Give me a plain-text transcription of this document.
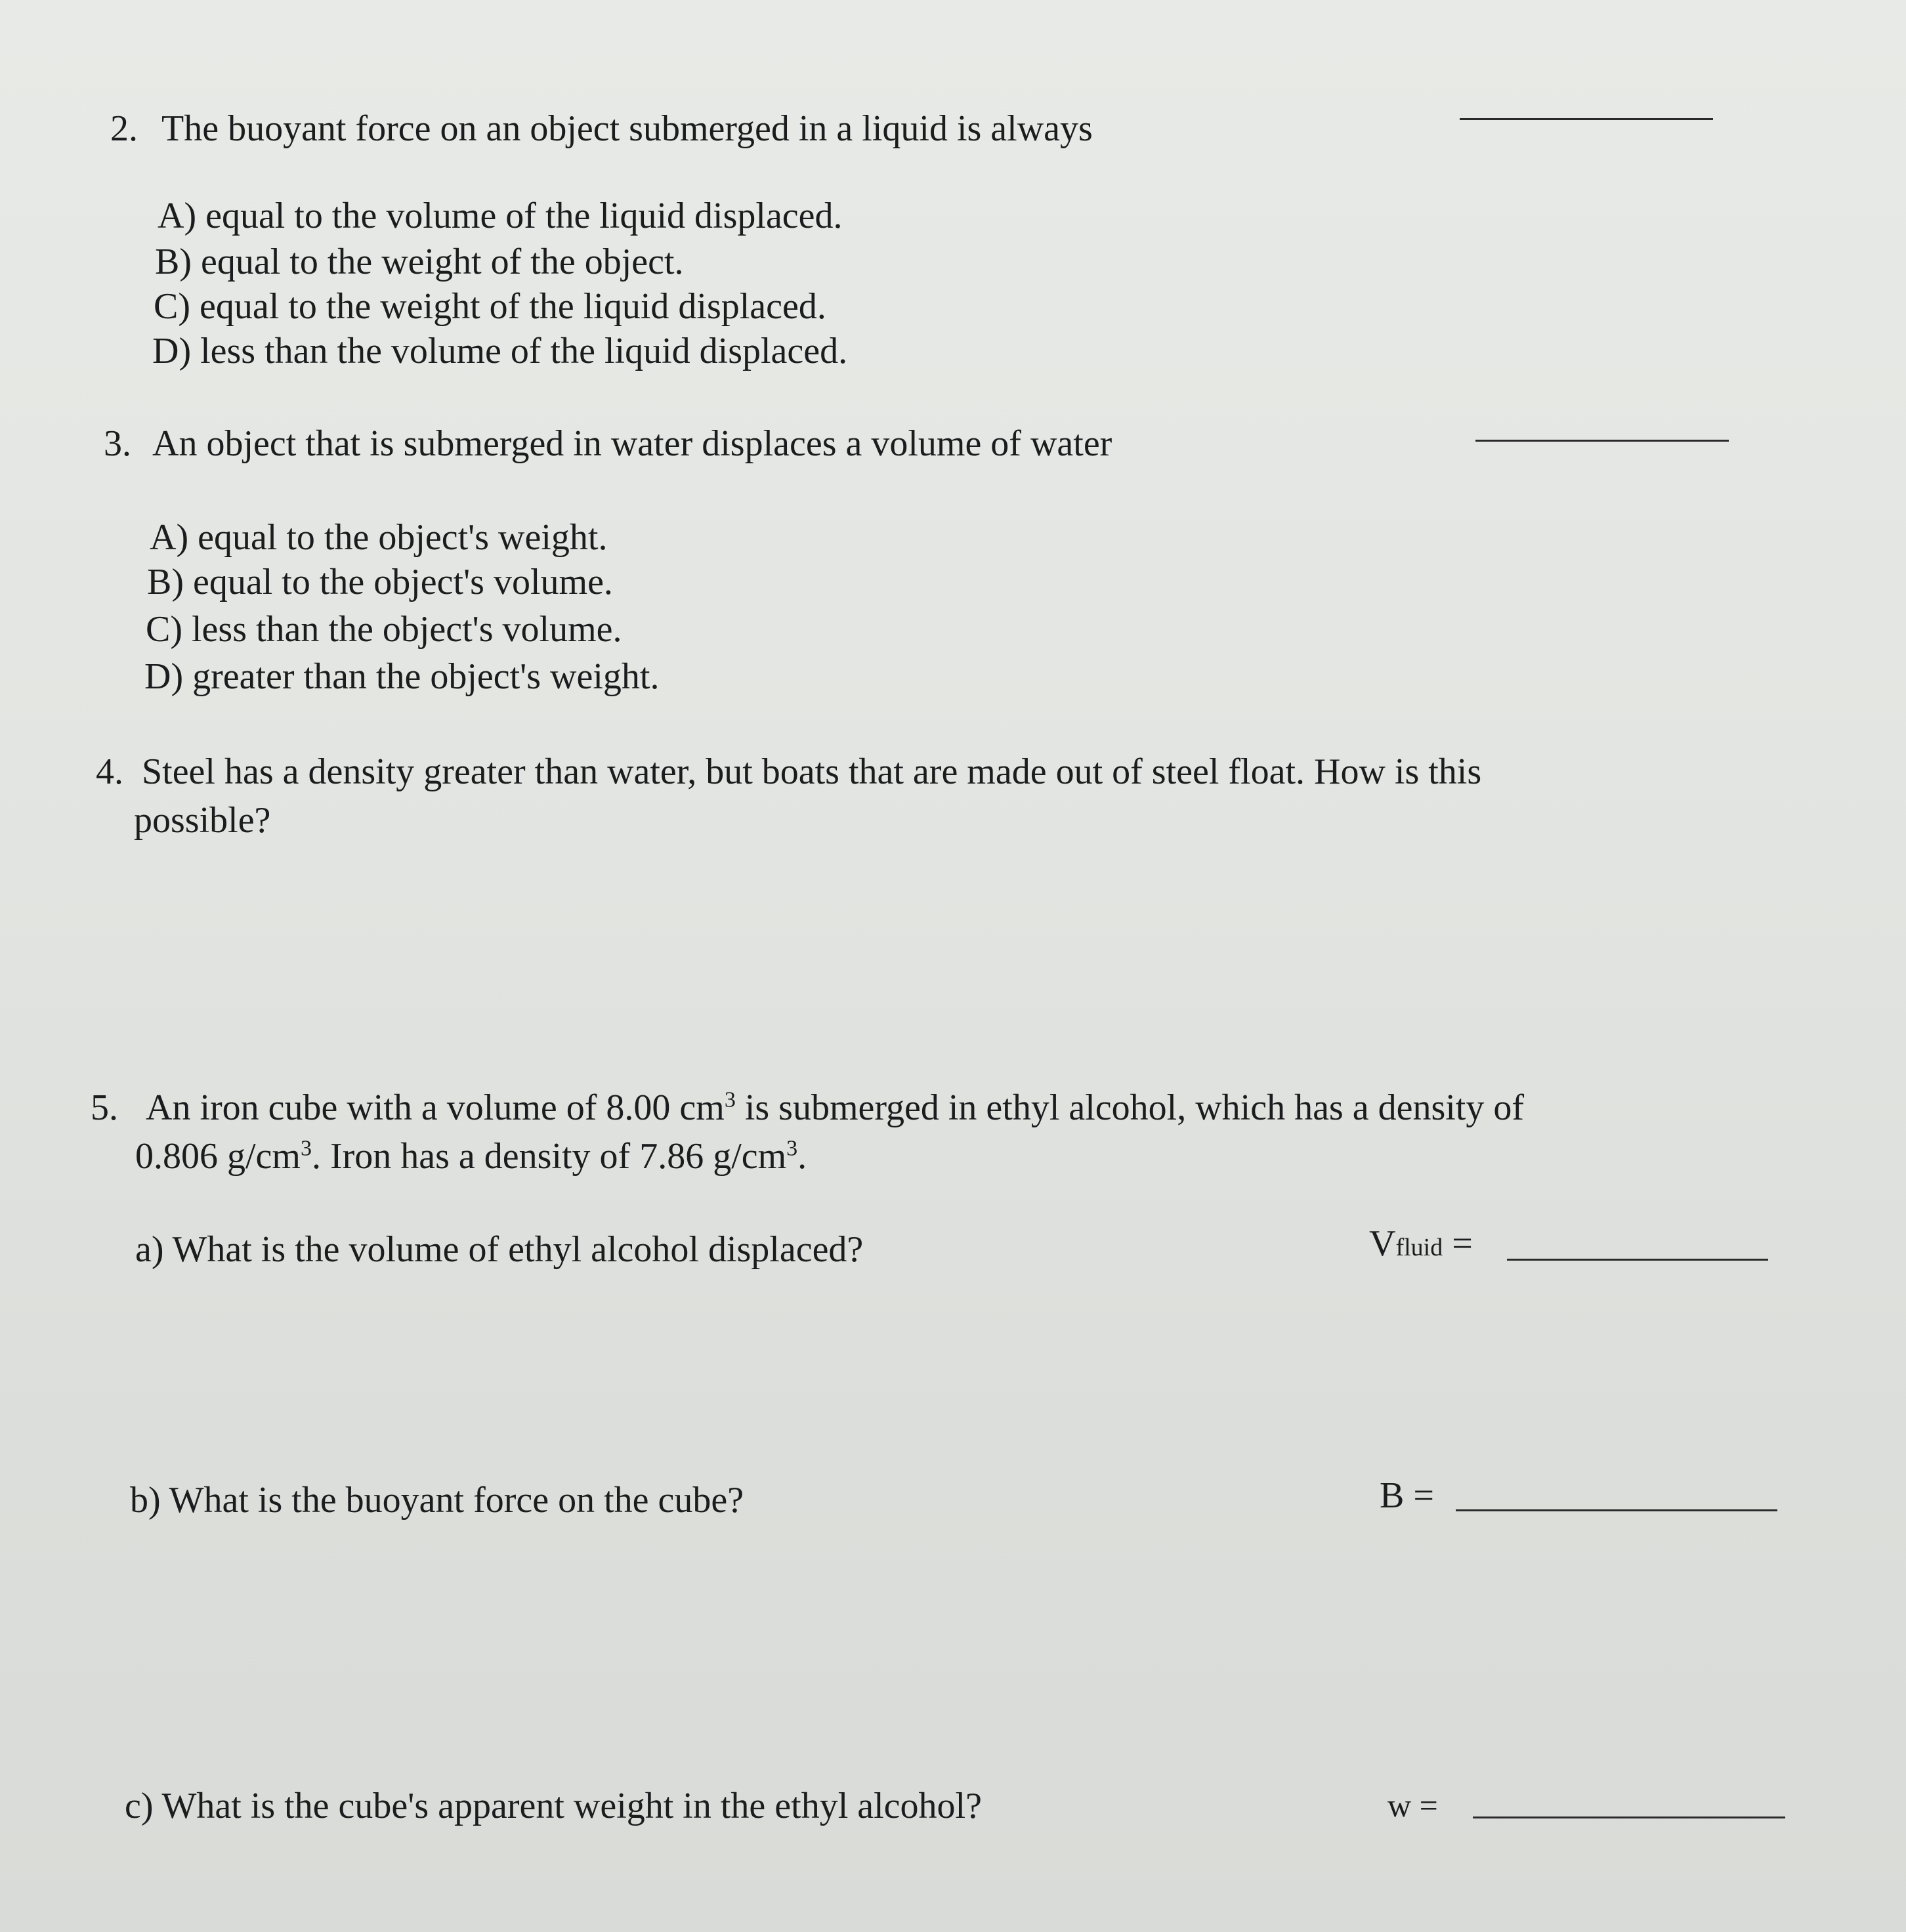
2. The buoyant force on an object submerged in a liquid is always
A) equal to the volume of the liquid displaced.
B) equal to the weight of the object.
C) equal to the weight of the liquid displaced.
D) less than the volume of the liquid displaced.
3. An object that is submerged in water displaces a volume of water
A) equal to the object's weight.
B) equal to the object's volume.
C) less than the object's volume.
D) greater than the object's weight.
4. Steel has a density greater than water, but boats that are made out of steel float. How is this
possible?
5. An iron cube with a volume of 8.00 $cm^3$ is submerged in ethyl alcohol, which has a density of
0.806 $g/cm^3$. Iron has a density of 7.86 $g/cm^3$.
a) What is the volume of ethyl alcohol displaced?	Vfluid =
b) What is the buoyant force on the cube?	B =
c) What is the cube's apparent weight in the ethyl alcohol?	w =
